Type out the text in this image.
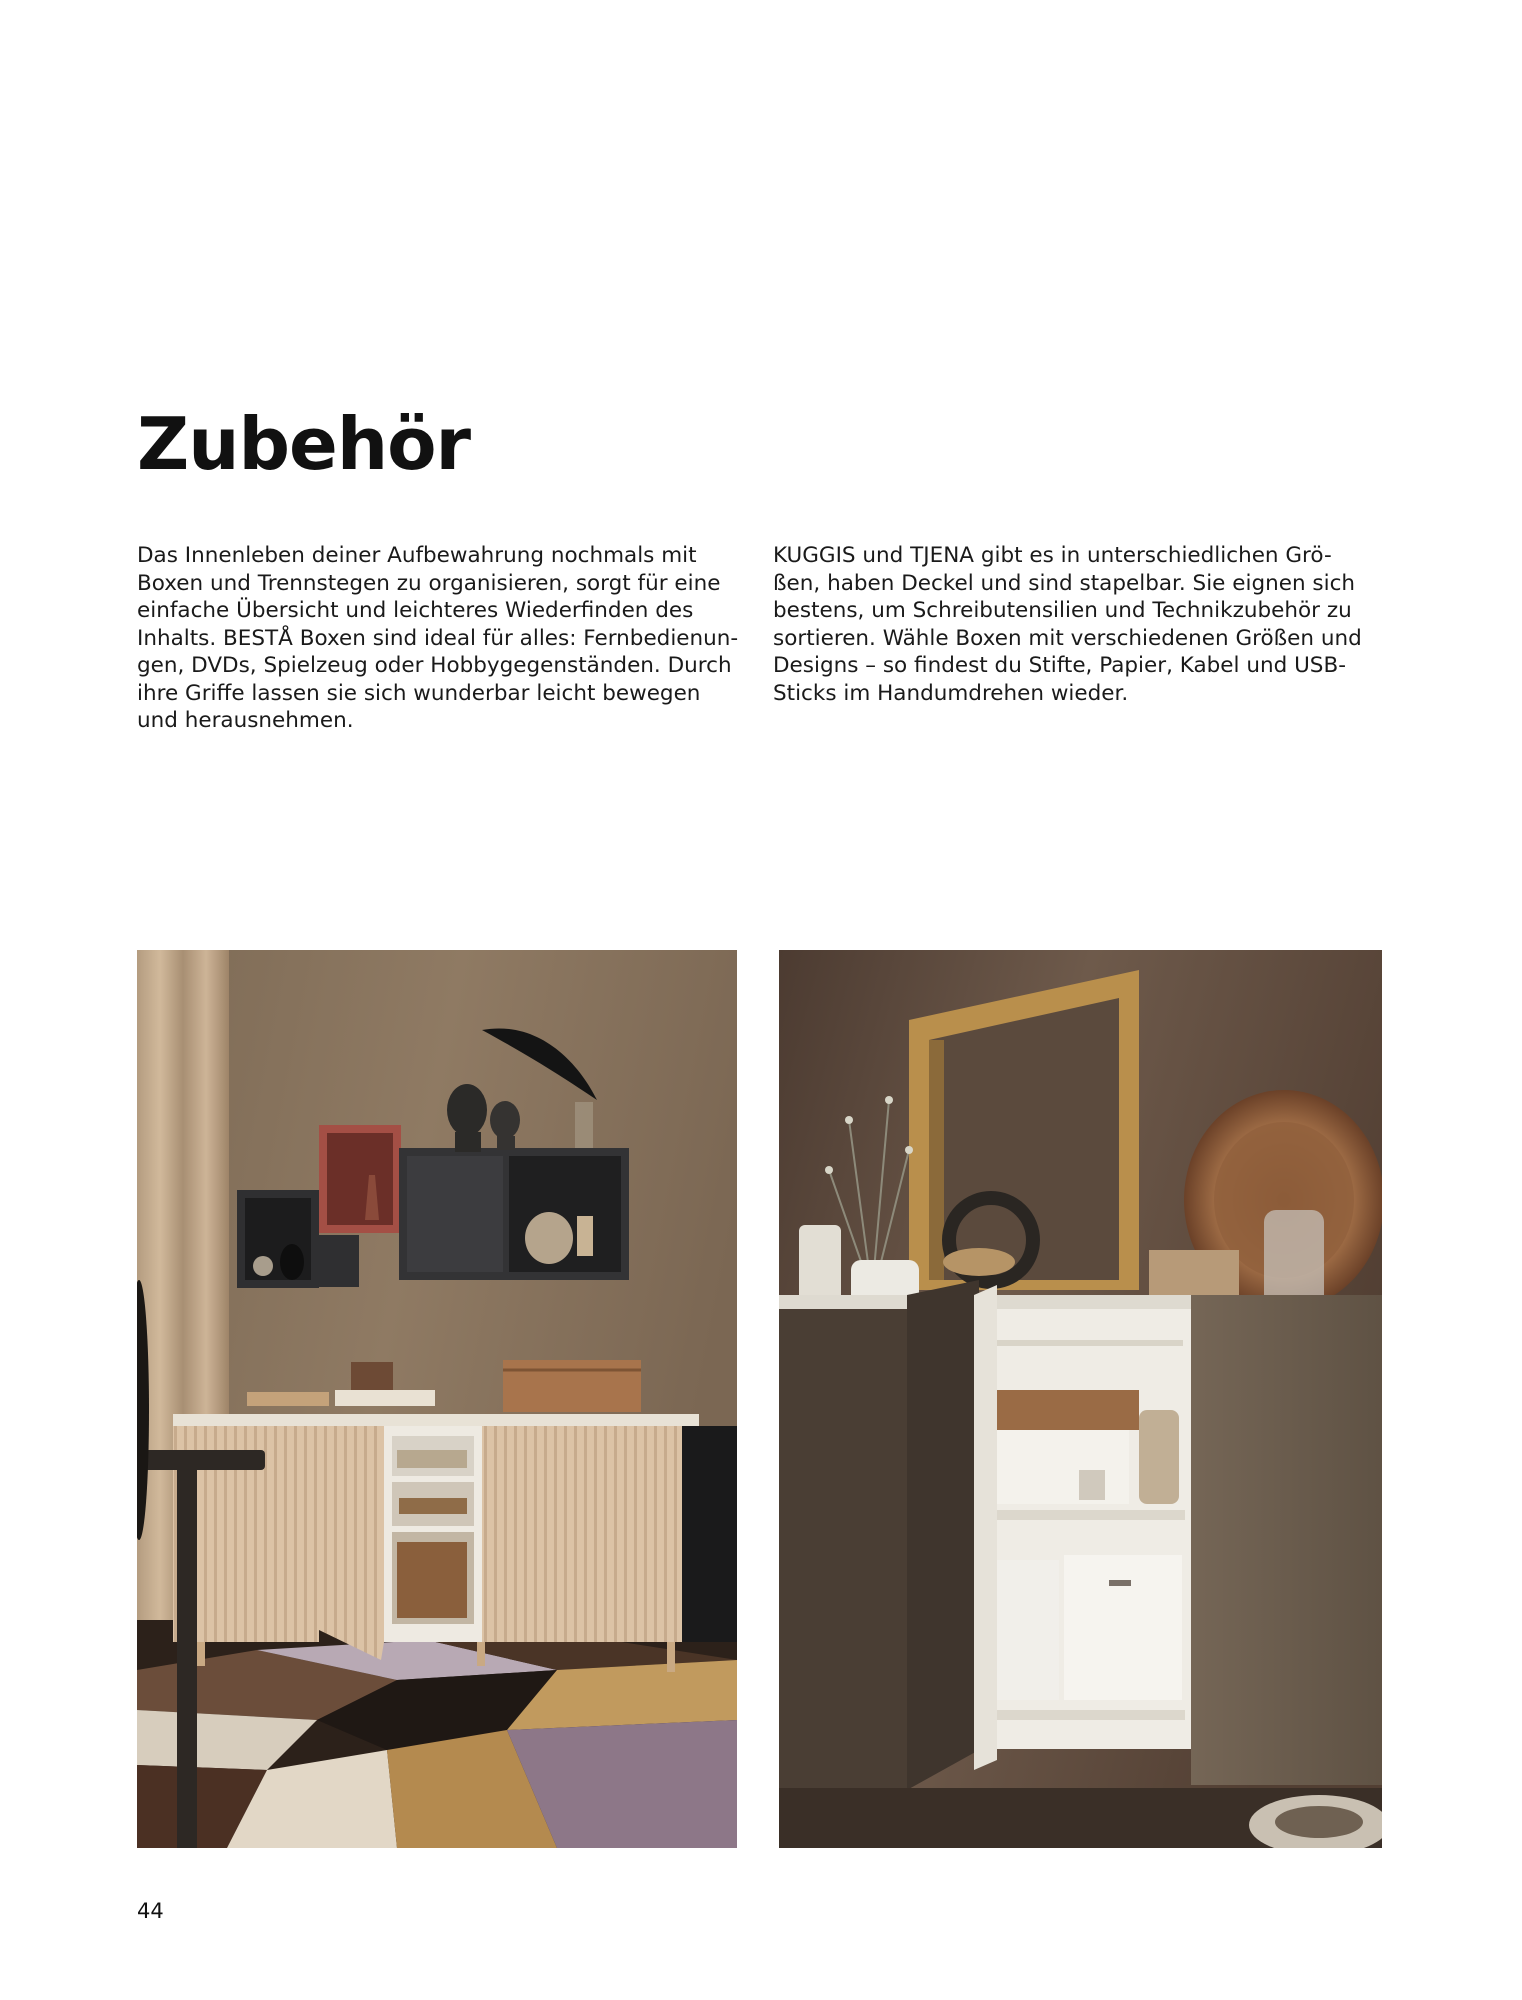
Zubehör
Das Innenleben deiner Aufbewahrung nochmals mit
Boxen und Trennstegen zu organisieren, sorgt für eine
einfache Übersicht und leichteres Wiederfinden des
Inhalts. BESTÅ Boxen sind ideal für alles: Fernbedienun-
gen, DVDs, Spielzeug oder Hobbygegenständen. Durch
ihre Griffe lassen sie sich wunderbar leicht bewegen
und herausnehmen.
KUGGIS und TJENA gibt es in unterschiedlichen Grö-
ßen, haben Deckel und sind stapelbar. Sie eignen sich
bestens, um Schreibutensilien und Technikzubehör zu
sortieren. Wähle Boxen mit verschiedenen Größen und
Designs – so findest du Stifte, Papier, Kabel und USB-
Sticks im Handumdrehen wieder.
44
